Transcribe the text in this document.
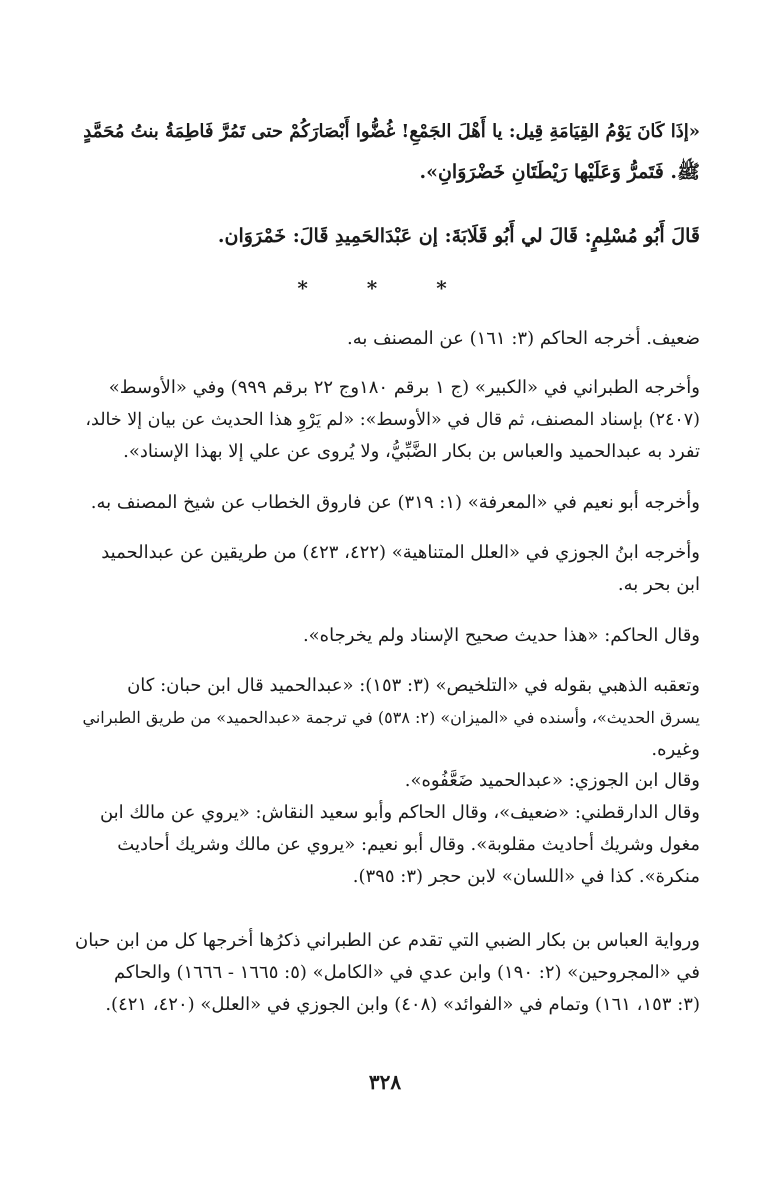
«إذَا كَانَ يَوْمُ القِيَامَةِ قِيل: يا أَهْلَ الجَمْعِ! غُضُّوا أَبْصَارَكُمْ حتى تَمُرَّ فَاطِمَةُ بنتُ مُحَمَّدٍ
ﷺ. فَتَمرُّ وَعَلَيْها رَيْطَتَانِ خَضْرَوَانِ».
قَالَ أَبُو مُسْلِمٍ: قَالَ لي أَبُو قَلَابَةَ: إن عَبْدَالحَمِيدِ قَالَ: خَمْرَوَان.
* * *
ضعيف. أخرجه الحاكم (٣: ١٦١) عن المصنف به.
وأخرجه الطبراني في «الكبير» (ج ١ برقم ١٨٠وج ٢٢ برقم ٩٩٩) وفي «الأوسط»
(٢٤٠٧) بإسناد المصنف، ثم قال في «الأوسط»: «لم يَرْوِ هذا الحديث عن بيان إلا خالد،
تفرد به عبدالحميد والعباس بن بكار الضَّبِّيُّ، ولا يُروى عن علي إلا بهذا الإسناد».
وأخرجه أبو نعيم في «المعرفة» (١: ٣١٩) عن فاروق الخطاب عن شيخ المصنف به.
وأخرجه ابنُ الجوزي في «العلل المتناهية» (٤٢٢، ٤٢٣) من طريقين عن عبدالحميد
ابن بحر به.
وقال الحاكم: «هذا حديث صحيح الإسناد ولم يخرجاه».
وتعقبه الذهبي بقوله في «التلخيص» (٣: ١٥٣): «عبدالحميد قال ابن حبان: كان
يسرق الحديث»، وأسنده في «الميزان» (٢: ٥٣٨) في ترجمة «عبدالحميد» من طريق الطبراني
وغيره.
وقال ابن الجوزي: «عبدالحميد ضَعَّفُوه».
وقال الدارقطني: «ضعيف»، وقال الحاكم وأبو سعيد النقاش: «يروي عن مالك ابن
مغول وشريك أحاديث مقلوبة». وقال أبو نعيم: «يروي عن مالك وشريك أحاديث
منكرة». كذا في «اللسان» لابن حجر (٣: ٣٩٥).
ورواية العباس بن بكار الضبي التي تقدم عن الطبراني ذكرُها أخرجها كل من ابن حبان
في «المجروحين» (٢: ١٩٠) وابن عدي في «الكامل» (٥: ١٦٦٥ - ١٦٦٦) والحاكم
(٣: ١٥٣، ١٦١) وتمام في «الفوائد» (٤٠٨) وابن الجوزي في «العلل» (٤٢٠، ٤٢١).
٣٢٨
